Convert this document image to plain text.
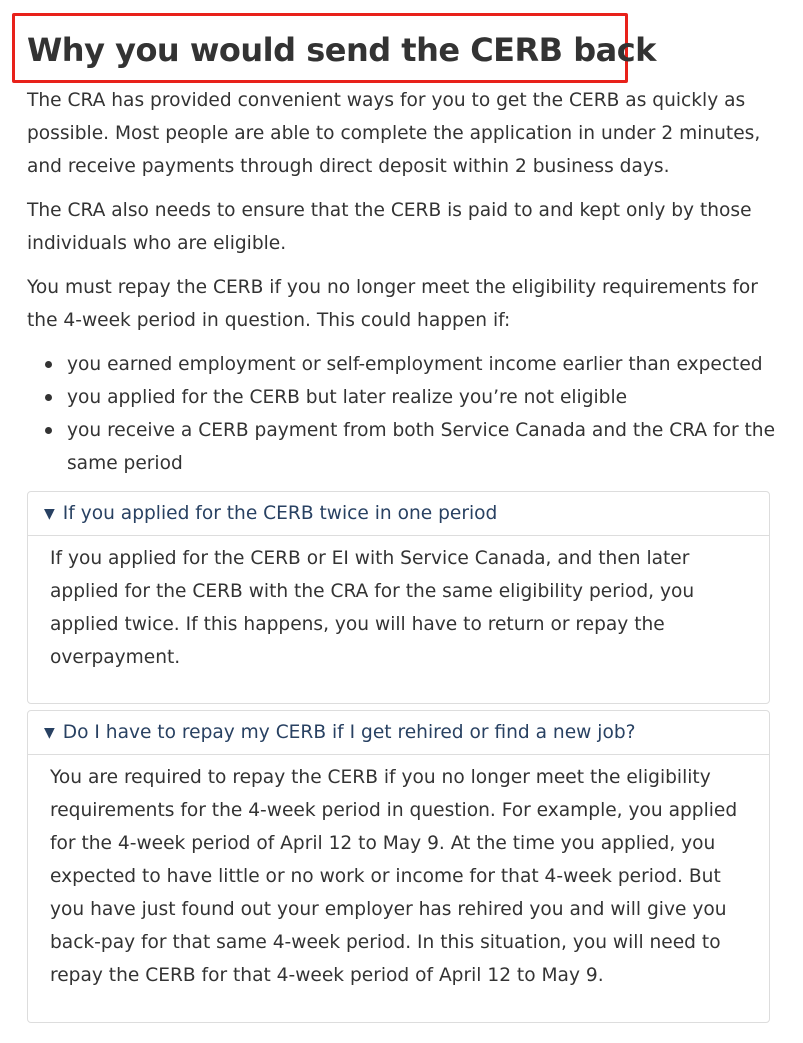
Why you would send the CERB back

The CRA has provided convenient ways for you to get the CERB as quickly as possible. Most people are able to complete the application in under 2 minutes, and receive payments through direct deposit within 2 business days.

The CRA also needs to ensure that the CERB is paid to and kept only by those individuals who are eligible.

You must repay the CERB if you no longer meet the eligibility requirements for the 4-week period in question. This could happen if:

you earned employment or self-employment income earlier than expected
you applied for the CERB but later realize you’re not eligible
you receive a CERB payment from both Service Canada and the CRA for the same period
▼ If you applied for the CERB twice in one period
If you applied for the CERB or EI with Service Canada, and then later applied for the CERB with the CRA for the same eligibility period, you applied twice. If this happens, you will have to return or repay the overpayment.
▼ Do I have to repay my CERB if I get rehired or find a new job?
You are required to repay the CERB if you no longer meet the eligibility requirements for the 4-week period in question. For example, you applied for the 4-week period of April 12 to May 9. At the time you applied, you expected to have little or no work or income for that 4-week period. But you have just found out your employer has rehired you and will give you back-pay for that same 4-week period. In this situation, you will need to repay the CERB for that 4-week period of April 12 to May 9.
